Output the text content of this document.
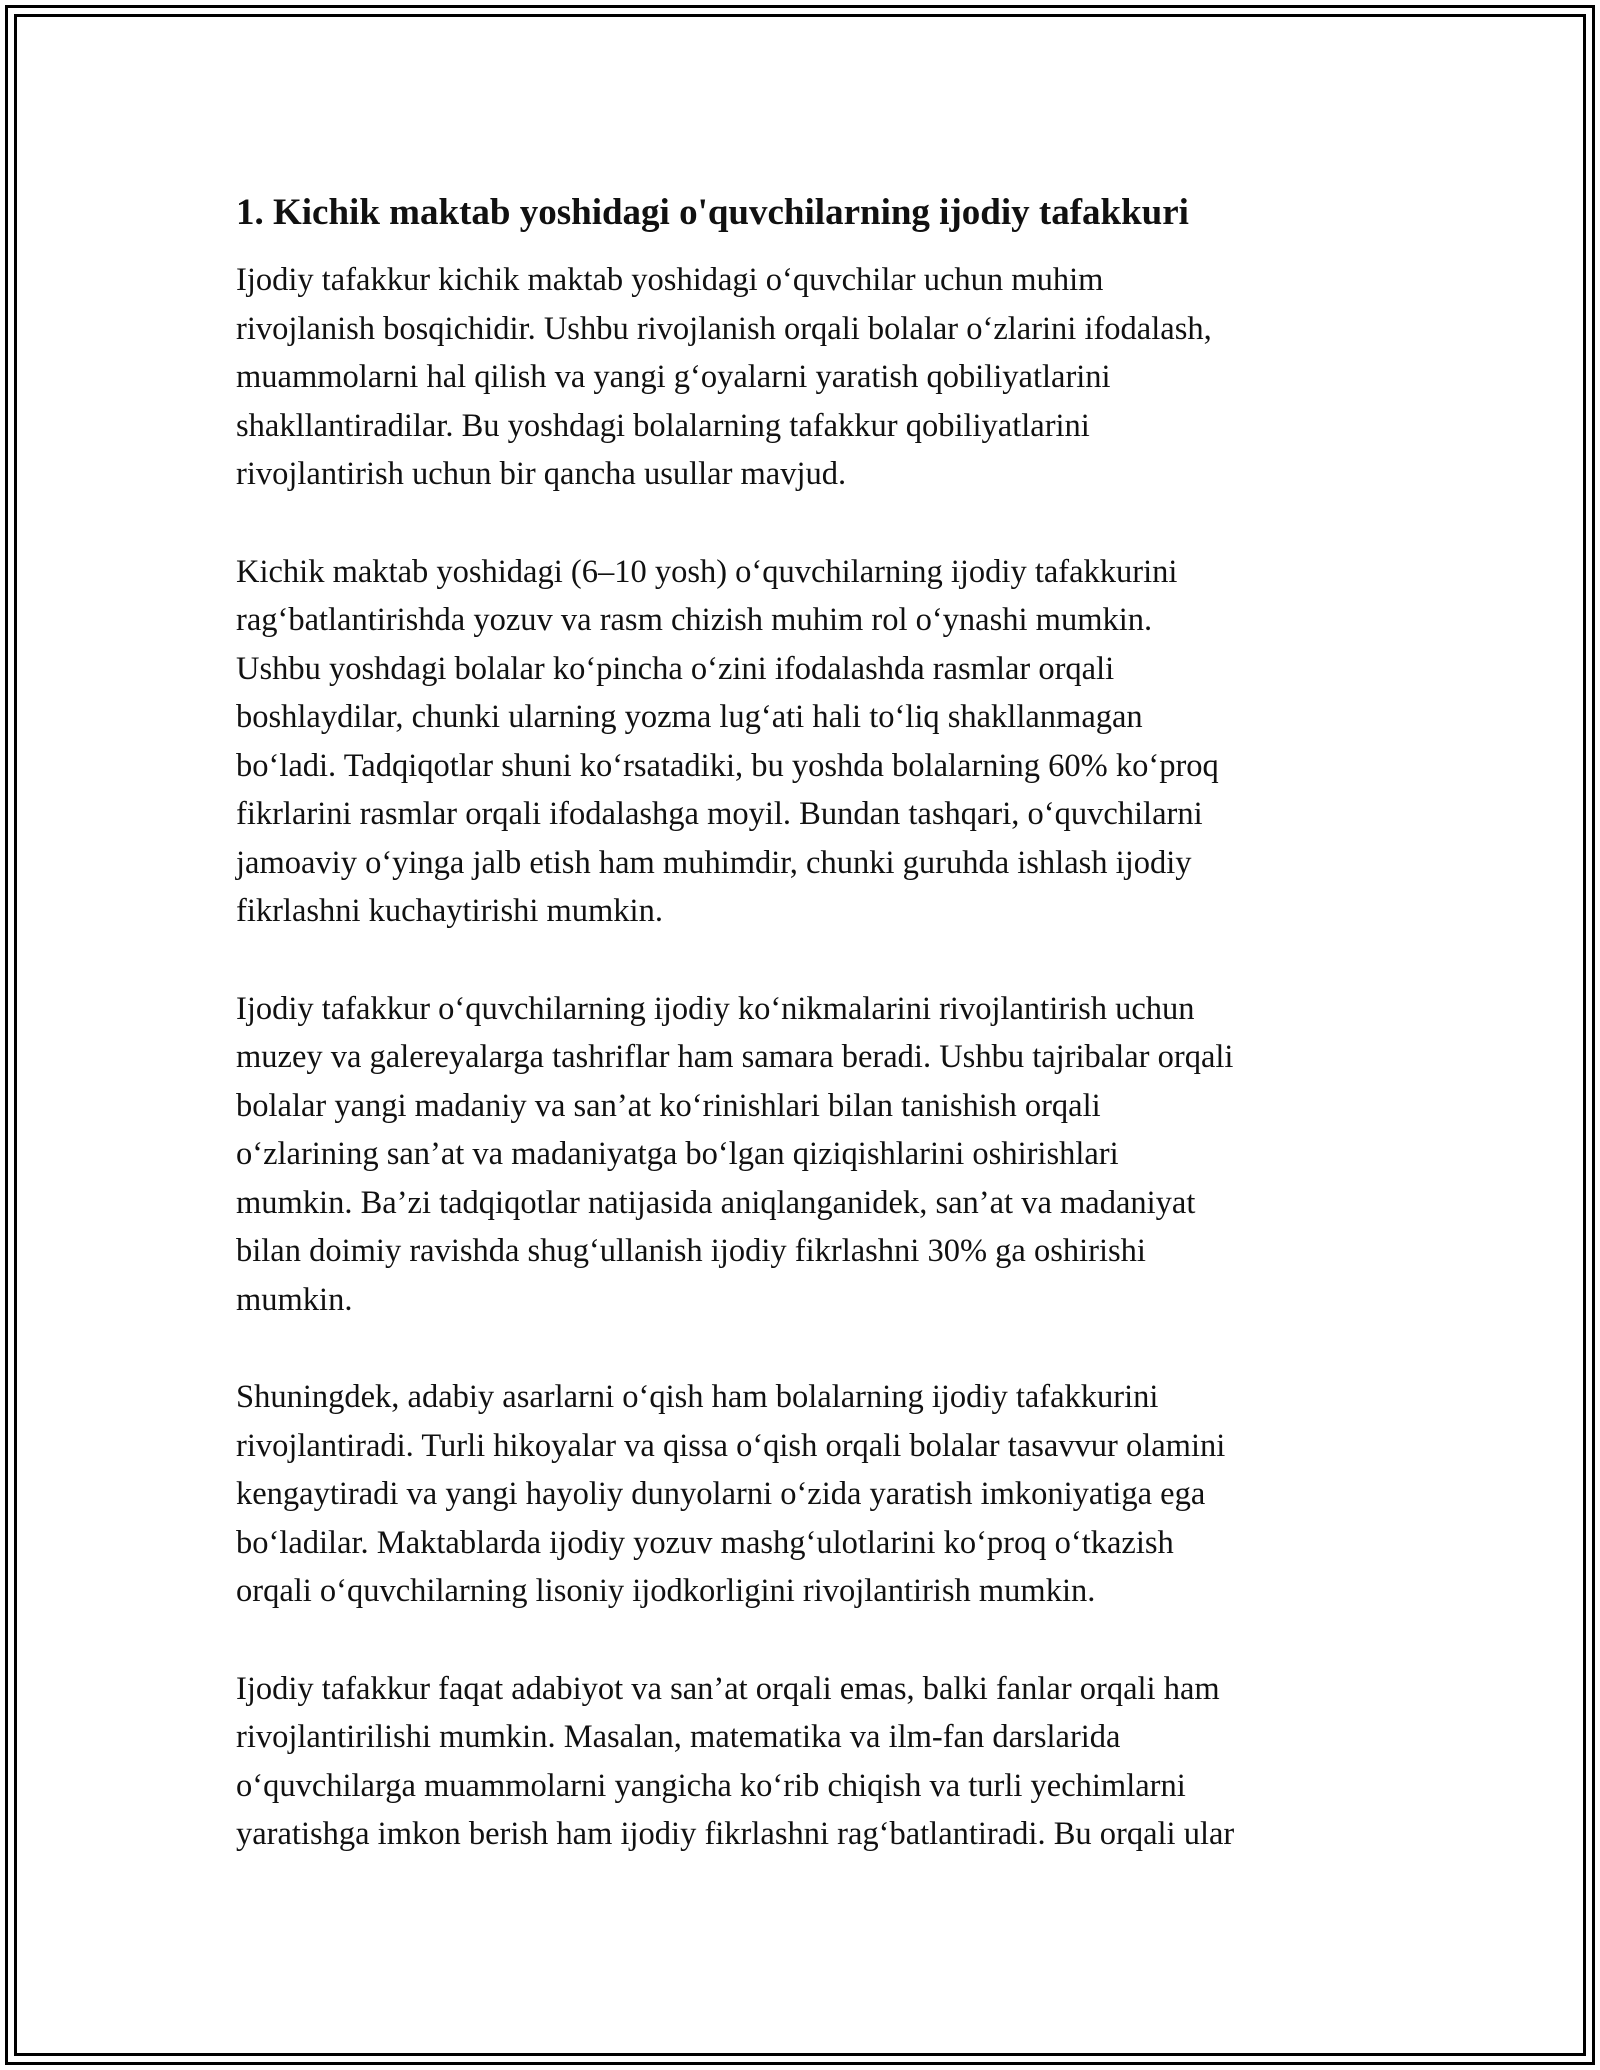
1. Kichik maktab yoshidagi o'quvchilarning ijodiy tafakkuri

Ijodiy tafakkur kichik maktab yoshidagi o‘quvchilar uchun muhim
rivojlanish bosqichidir. Ushbu rivojlanish orqali bolalar o‘zlarini ifodalash,
muammolarni hal qilish va yangi g‘oyalarni yaratish qobiliyatlarini
shakllantiradilar. Bu yoshdagi bolalarning tafakkur qobiliyatlarini
rivojlantirish uchun bir qancha usullar mavjud.

Kichik maktab yoshidagi (6–10 yosh) o‘quvchilarning ijodiy tafakkurini
rag‘batlantirishda yozuv va rasm chizish muhim rol o‘ynashi mumkin.
Ushbu yoshdagi bolalar ko‘pincha o‘zini ifodalashda rasmlar orqali
boshlaydilar, chunki ularning yozma lug‘ati hali to‘liq shakllanmagan
bo‘ladi. Tadqiqotlar shuni ko‘rsatadiki, bu yoshda bolalarning 60% ko‘proq
fikrlarini rasmlar orqali ifodalashga moyil. Bundan tashqari, o‘quvchilarni
jamoaviy o‘yinga jalb etish ham muhimdir, chunki guruhda ishlash ijodiy
fikrlashni kuchaytirishi mumkin.

Ijodiy tafakkur o‘quvchilarning ijodiy ko‘nikmalarini rivojlantirish uchun
muzey va galereyalarga tashriflar ham samara beradi. Ushbu tajribalar orqali
bolalar yangi madaniy va san’at ko‘rinishlari bilan tanishish orqali
o‘zlarining san’at va madaniyatga bo‘lgan qiziqishlarini oshirishlari
mumkin. Ba’zi tadqiqotlar natijasida aniqlanganidek, san’at va madaniyat
bilan doimiy ravishda shug‘ullanish ijodiy fikrlashni 30% ga oshirishi
mumkin.

Shuningdek, adabiy asarlarni o‘qish ham bolalarning ijodiy tafakkurini
rivojlantiradi. Turli hikoyalar va qissa o‘qish orqali bolalar tasavvur olamini
kengaytiradi va yangi hayoliy dunyolarni o‘zida yaratish imkoniyatiga ega
bo‘ladilar. Maktablarda ijodiy yozuv mashg‘ulotlarini ko‘proq o‘tkazish
orqali o‘quvchilarning lisoniy ijodkorligini rivojlantirish mumkin.

Ijodiy tafakkur faqat adabiyot va san’at orqali emas, balki fanlar orqali ham
rivojlantirilishi mumkin. Masalan, matematika va ilm-fan darslarida
o‘quvchilarga muammolarni yangicha ko‘rib chiqish va turli yechimlarni
yaratishga imkon berish ham ijodiy fikrlashni rag‘batlantiradi. Bu orqali ular
